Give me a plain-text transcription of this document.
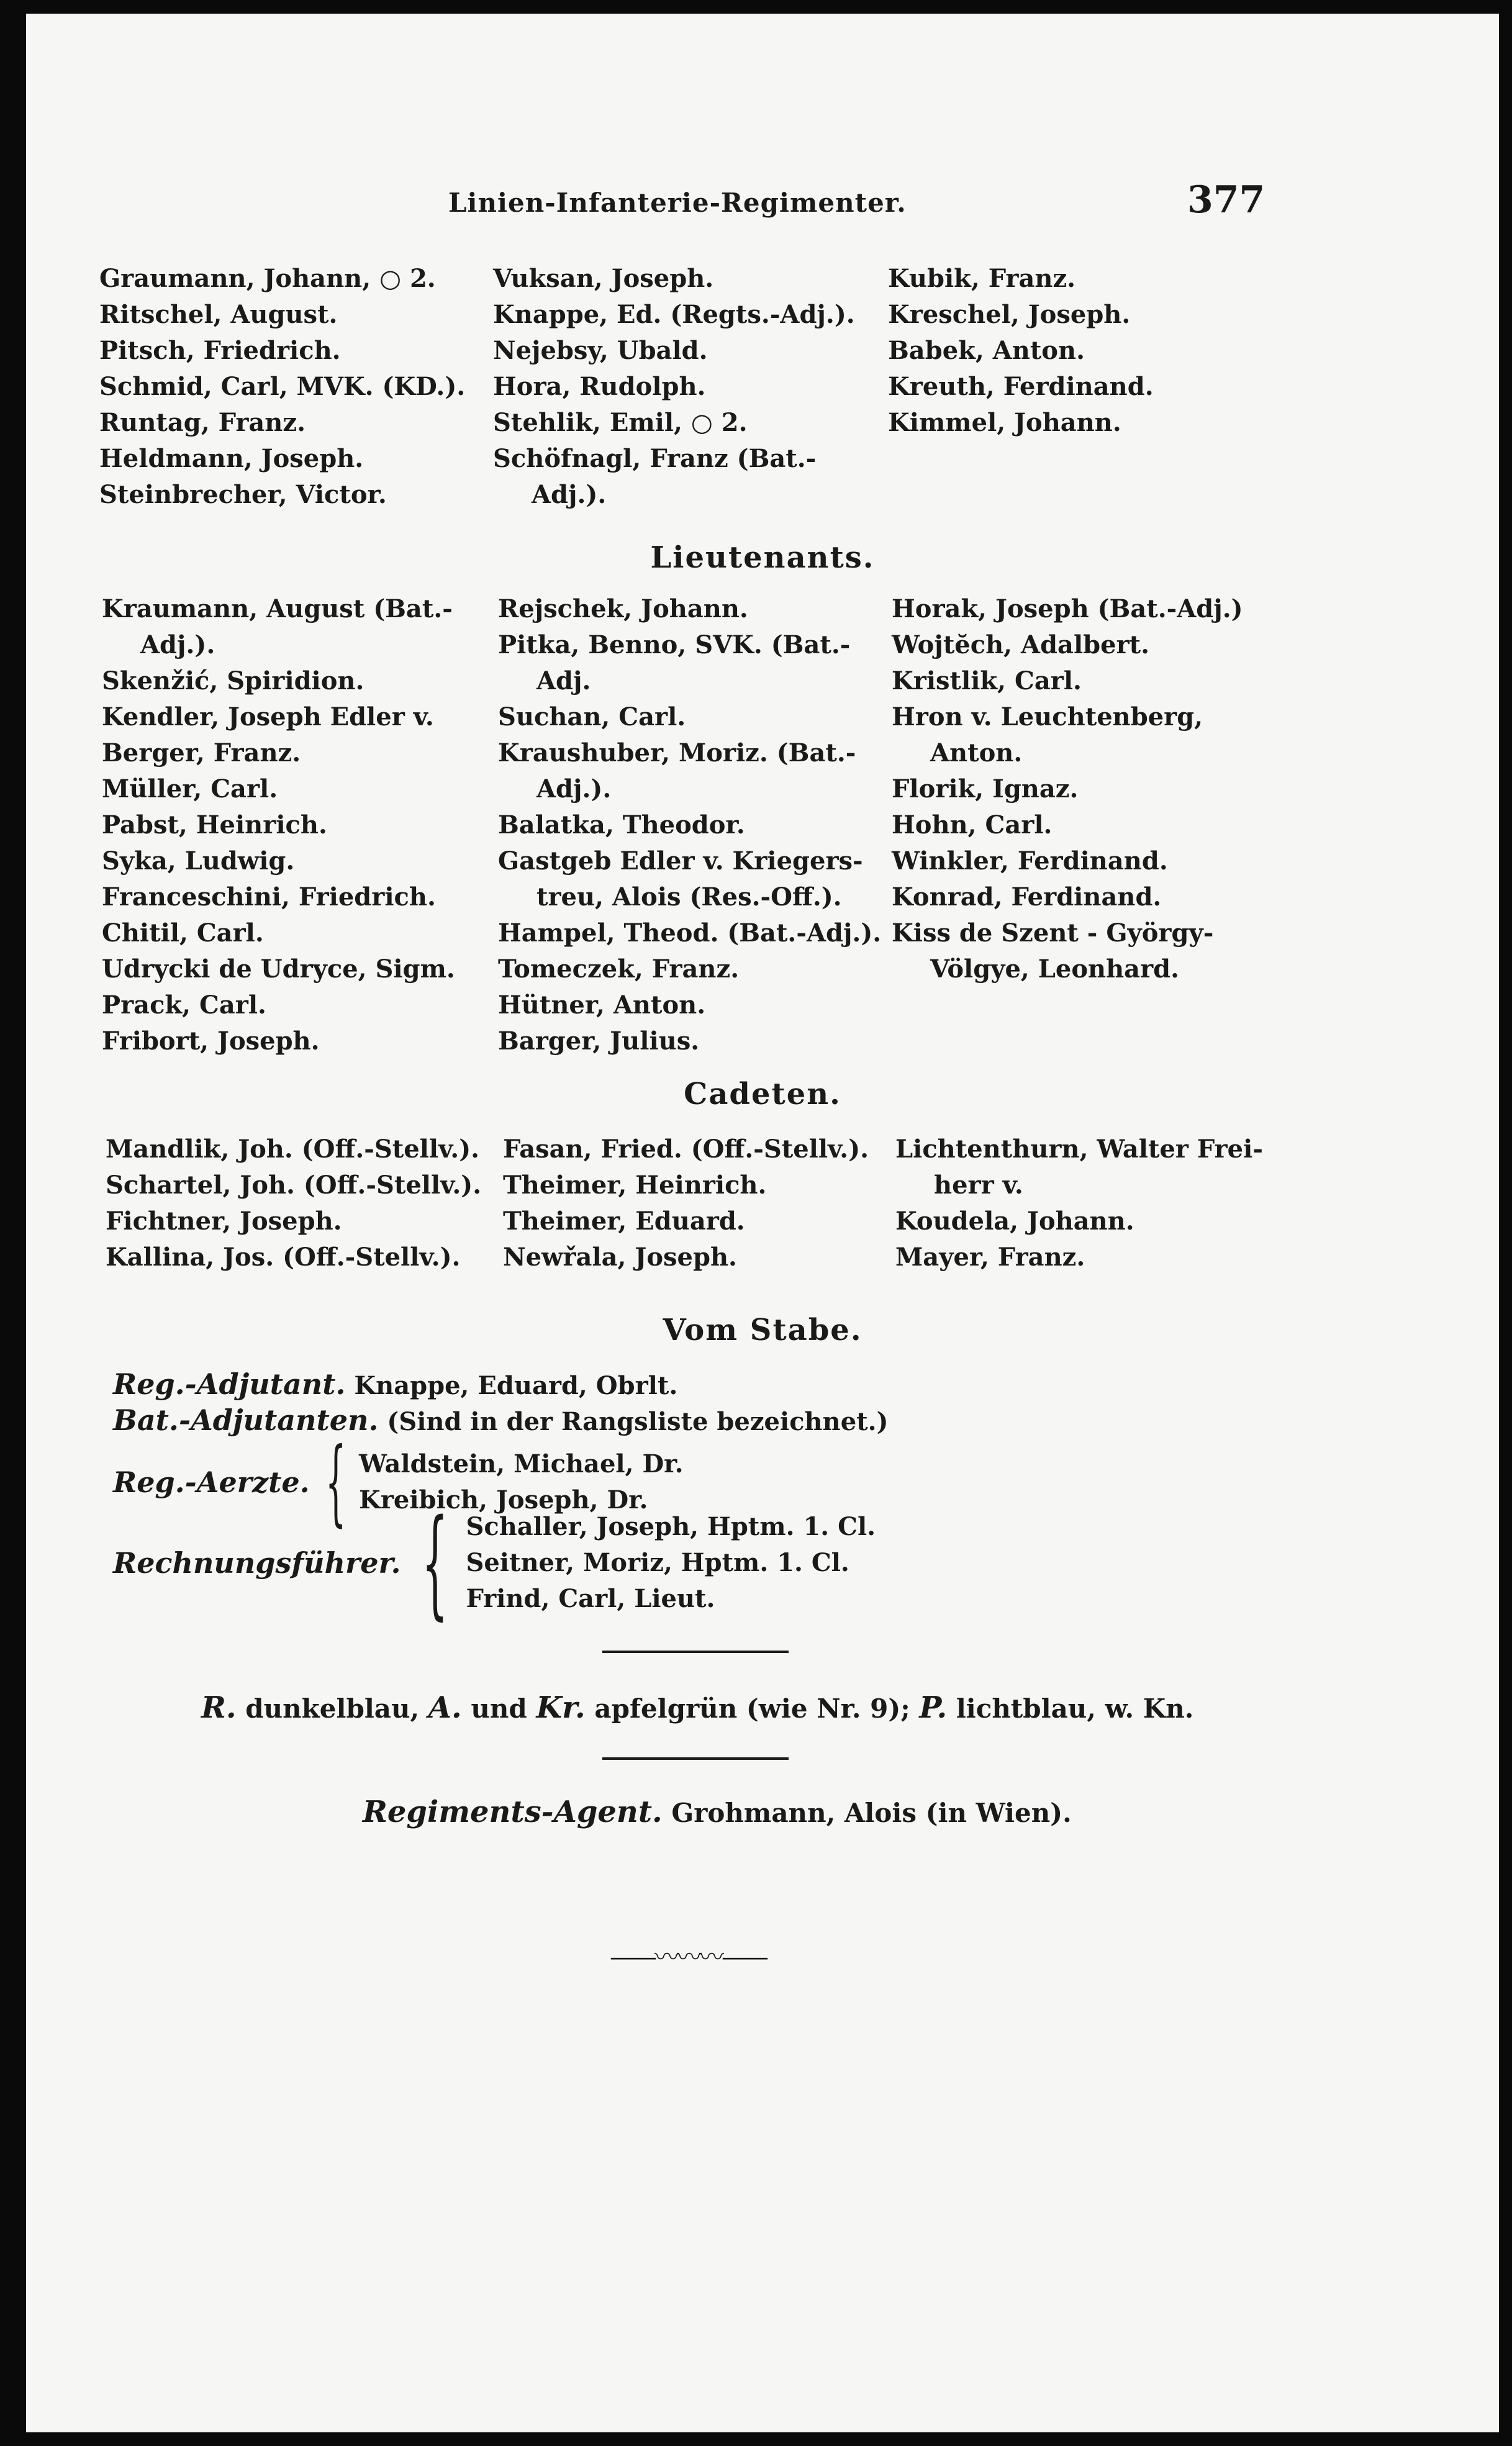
Linien-Infanterie-Regimenter.	377
Graumann, Johann, ○ 2.
Ritschel, August.
Pitsch, Friedrich.
Schmid, Carl, MVK. (KD.).
Runtag, Franz.
Heldmann, Joseph.
Steinbrecher, Victor.
Vuksan, Joseph.
Knappe, Ed. (Regts.-Adj.).
Nejebsy, Ubald.
Hora, Rudolph.
Stehlik, Emil, ○ 2.
Schöfnagl, Franz (Bat.-
Adj.).
Kubik, Franz.
Kreschel, Joseph.
Babek, Anton.
Kreuth, Ferdinand.
Kimmel, Johann.
Lieutenants.
Kraumann, August (Bat.-
Adj.).
Skenžić, Spiridion.
Kendler, Joseph Edler v.
Berger, Franz.
Müller, Carl.
Pabst, Heinrich.
Syka, Ludwig.
Franceschini, Friedrich.
Chitil, Carl.
Udrycki de Udryce, Sigm.
Prack, Carl.
Fribort, Joseph.
Rejschek, Johann.
Pitka, Benno, SVK. (Bat.-
Adj.
Suchan, Carl.
Kraushuber, Moriz. (Bat.-
Adj.).
Balatka, Theodor.
Gastgeb Edler v. Kriegers-
treu, Alois (Res.-Off.).
Hampel, Theod. (Bat.-Adj.).
Tomeczek, Franz.
Hütner, Anton.
Barger, Julius.
Horak, Joseph (Bat.-Adj.)
Wojtĕch, Adalbert.
Kristlik, Carl.
Hron v. Leuchtenberg,
Anton.
Florik, Ignaz.
Hohn, Carl.
Winkler, Ferdinand.
Konrad, Ferdinand.
Kiss de Szent - György-
Völgye, Leonhard.
Cadeten.
Mandlik, Joh. (Off.-Stellv.).
Schartel, Joh. (Off.-Stellv.).
Fichtner, Joseph.
Kallina, Jos. (Off.-Stellv.).
Fasan, Fried. (Off.-Stellv.).
Theimer, Heinrich.
Theimer, Eduard.
Newřala, Joseph.
Lichtenthurn, Walter Frei-
herr v.
Koudela, Johann.
Mayer, Franz.
Vom Stabe.
Reg.-Adjutant. Knappe, Eduard, Obrlt.
Bat.-Adjutanten. (Sind in der Rangsliste bezeichnet.)
Reg.-Aerzte. { Waldstein, Michael, Dr.
Kreibich, Joseph, Dr.
Rechnungsführer. { Schaller, Joseph, Hptm. 1. Cl.
Seitner, Moriz, Hptm. 1. Cl.
Frind, Carl, Lieut.
R. dunkelblau, A. und Kr. apfelgrün (wie Nr. 9); P. lichtblau, w. Kn.
Regiments-Agent. Grohmann, Alois (in Wien).
——〰〰〰——
